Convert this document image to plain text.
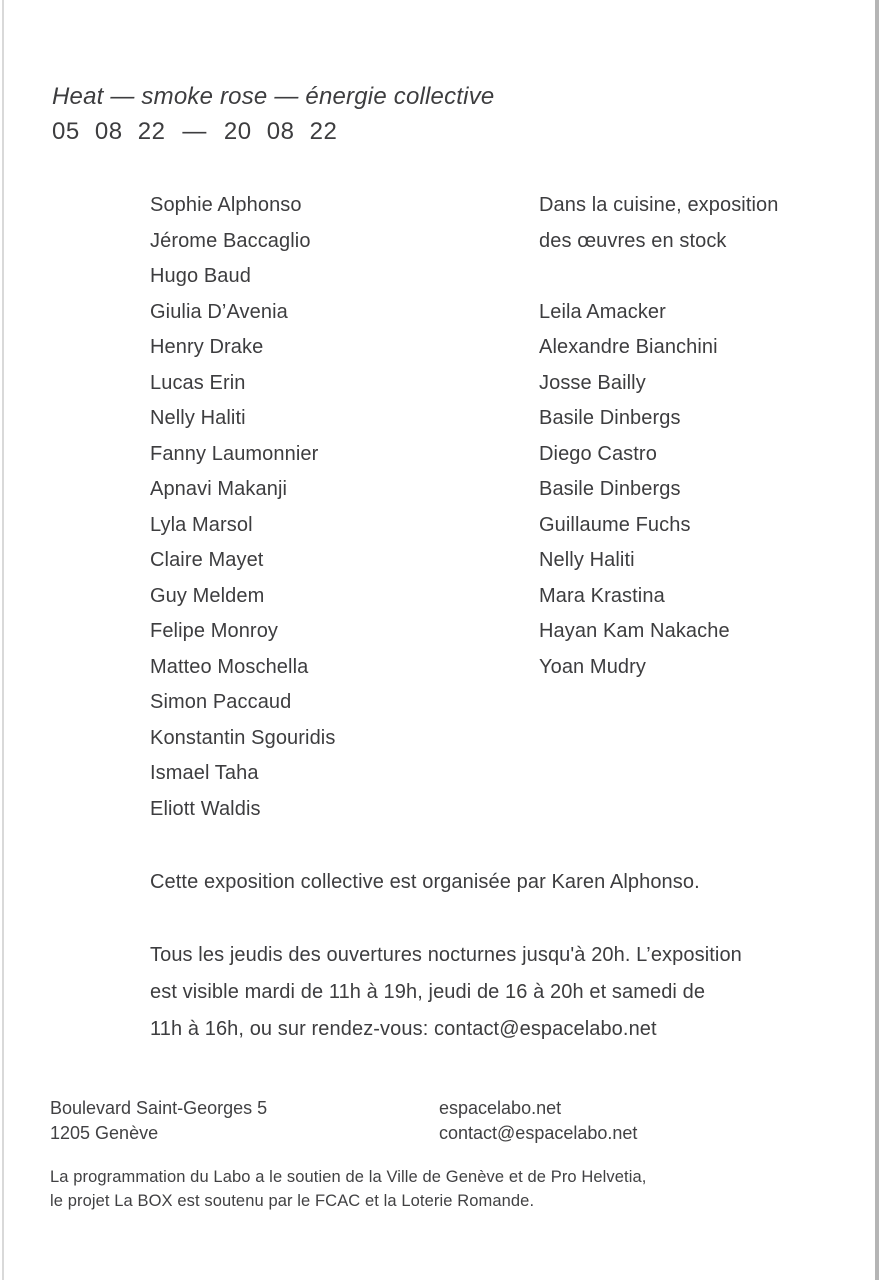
Heat — smoke rose — énergie collective
05 08 22 — 20 08 22
Sophie Alphonso
Jérome Baccaglio
Hugo Baud
Giulia D’Avenia
Henry Drake
Lucas Erin
Nelly Haliti
Fanny Laumonnier
Apnavi Makanji
Lyla Marsol
Claire Mayet
Guy Meldem
Felipe Monroy
Matteo Moschella
Simon Paccaud
Konstantin Sgouridis
Ismael Taha
Eliott Waldis
Dans la cuisine, exposition
des œuvres en stock
Leila Amacker
Alexandre Bianchini
Josse Bailly
Basile Dinbergs
Diego Castro
Basile Dinbergs
Guillaume Fuchs
Nelly Haliti
Mara Krastina
Hayan Kam Nakache
Yoan Mudry
Cette exposition collective est organisée par Karen Alphonso.
Tous les jeudis des ouvertures nocturnes jusqu'à 20h. L’exposition
est visible mardi de 11h à 19h, jeudi de 16 à 20h et samedi de
11h à 16h, ou sur rendez-vous: contact@espacelabo.net
Boulevard Saint-Georges 5
1205 Genève
espacelabo.net
contact@espacelabo.net
La programmation du Labo a le soutien de la Ville de Genève et de Pro Helvetia,
le projet La BOX est soutenu par le FCAC et la Loterie Romande.
